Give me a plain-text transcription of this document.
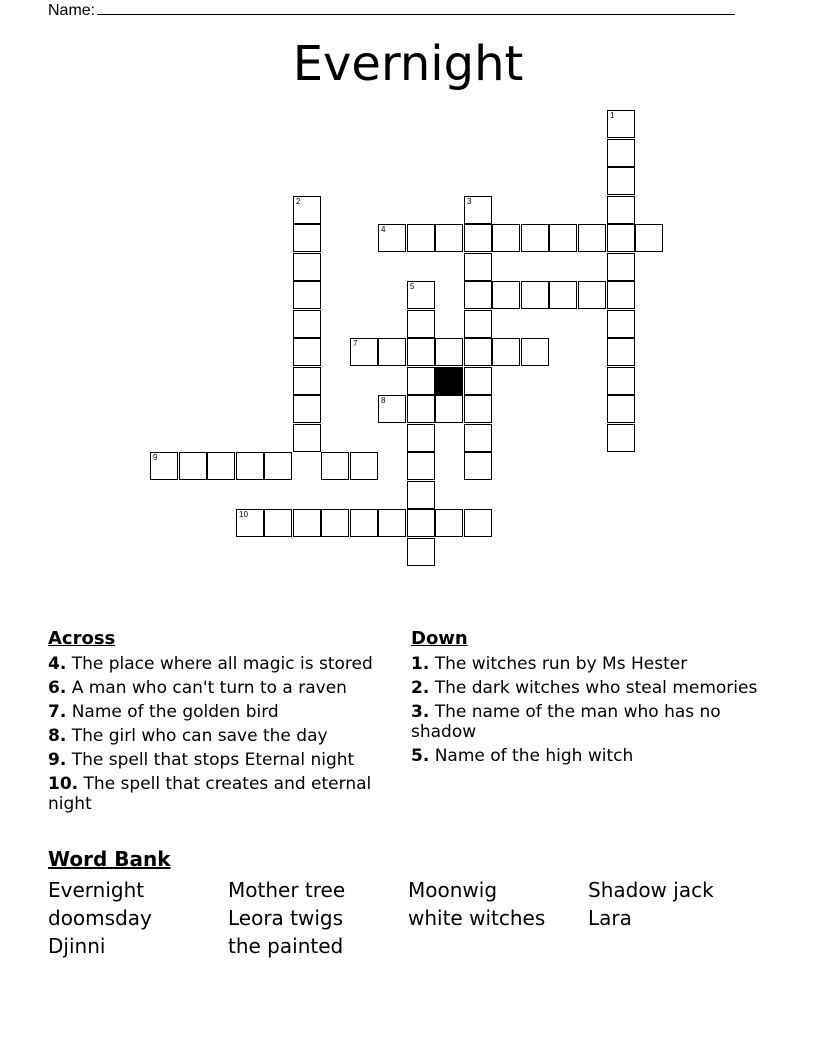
Name:
Evernight
1
2	3
4
5
7
8
9
10
Across
4. The place where all magic is stored
6. A man who can't turn to a raven
7. Name of the golden bird
8. The girl who can save the day
9. The spell that stops Eternal night
10. The spell that creates and eternal night
Down
1. The witches run by Ms Hester
2. The dark witches who steal memories
3. The name of the man who has no shadow
5. Name of the high witch
Word Bank
Evernight	Mother tree	Moonwig	Shadow jack
doomsday	Leora twigs	white witches	Lara
Djinni	the painted
